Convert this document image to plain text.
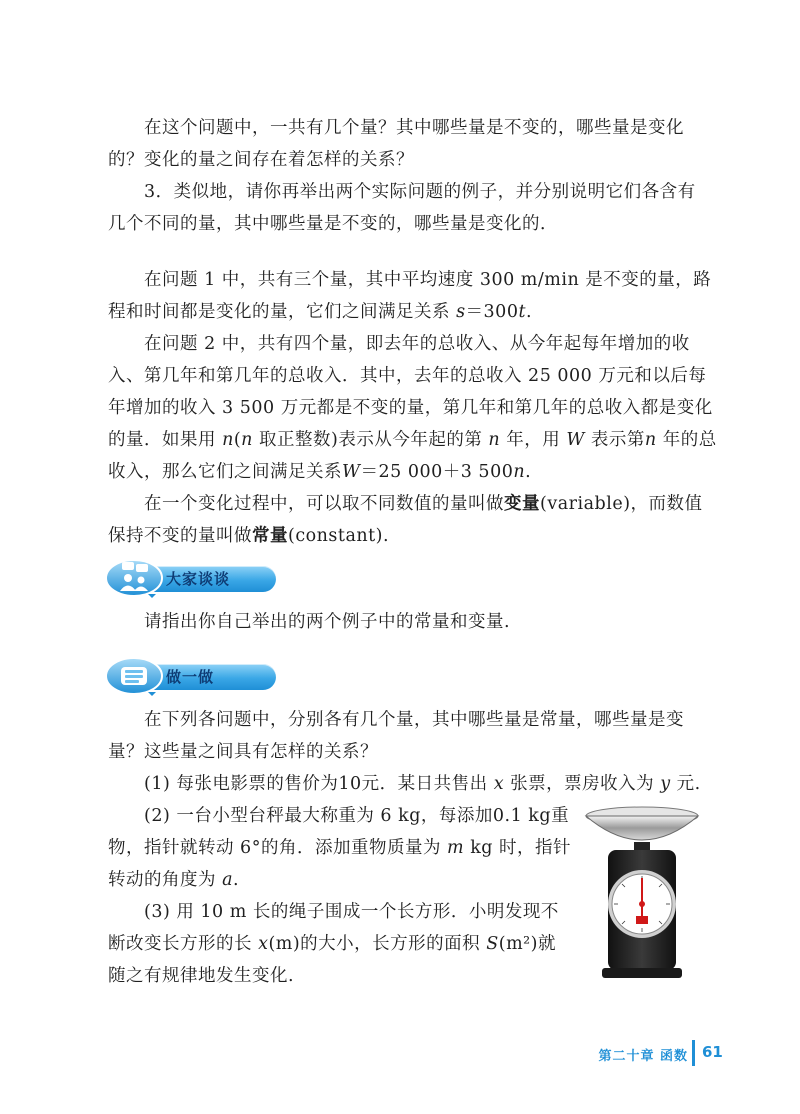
在这个问题中，一共有几个量？其中哪些量是不变的，哪些量是变化
的？变化的量之间存在着怎样的关系？
3．类似地，请你再举出两个实际问题的例子，并分别说明它们各含有
几个不同的量，其中哪些量是不变的，哪些量是变化的．
在问题 1 中，共有三个量，其中平均速度 300 m/min 是不变的量，路
程和时间都是变化的量，它们之间满足关系 s＝300t.
在问题 2 中，共有四个量，即去年的总收入、从今年起每年增加的收
入、第几年和第几年的总收入．其中，去年的总收入 25 000 万元和以后每
年增加的收入 3 500 万元都是不变的量，第几年和第几年的总收入都是变化
的量．如果用 n(n 取正整数)表示从今年起的第 n 年，用 W 表示第n 年的总
收入，那么它们之间满足关系W＝25 000＋3 500n.
在一个变化过程中，可以取不同数值的量叫做变量(variable)，而数值
保持不变的量叫做常量(constant).
大家谈谈
请指出你自己举出的两个例子中的常量和变量.
做一做
在下列各问题中，分别各有几个量，其中哪些量是常量，哪些量是变
量？这些量之间具有怎样的关系？
(1) 每张电影票的售价为10元．某日共售出 x 张票，票房收入为 y 元.
(2) 一台小型台秤最大称重为 6 kg，每添加0.1 kg重
物，指针就转动 6°的角．添加重物质量为 m kg 时，指针
转动的角度为 a.
(3) 用 10 m 长的绳子围成一个长方形．小明发现不
断改变长方形的长 x(m)的大小，长方形的面积 S(m²)就
随之有规律地发生变化.
第二十章 函数 61
